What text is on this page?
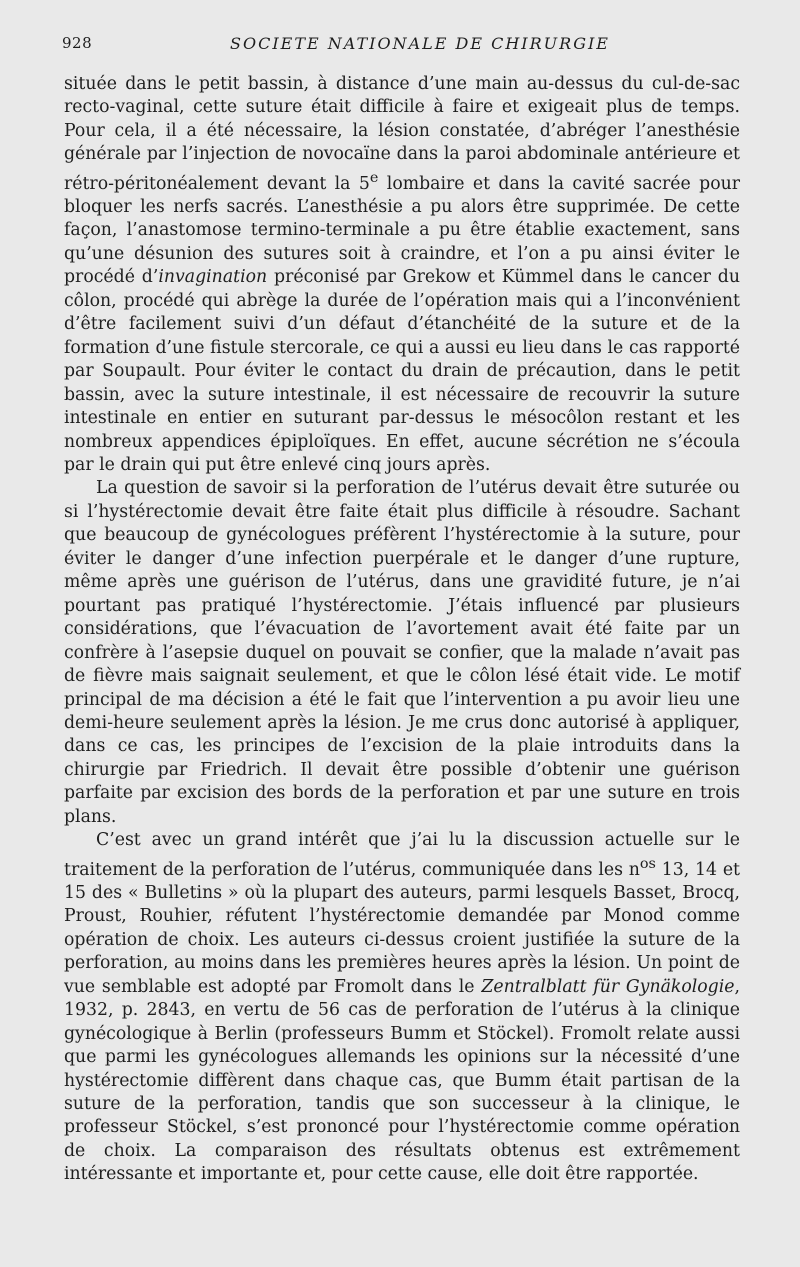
928	SOCIETE NATIONALE DE CHIRURGIE

située dans le petit bassin, à distance d’une main au-dessus du cul-de-sac recto-vaginal, cette suture était difficile à faire et exigeait plus de temps. Pour cela, il a été nécessaire, la lésion constatée, d’abréger l’anesthésie générale par l’injection de novocaïne dans la paroi abdominale antérieure et rétro-péritonéalement devant la 5e lombaire et dans la cavité sacrée pour bloquer les nerfs sacrés. L’anesthésie a pu alors être supprimée. De cette façon, l’anastomose termino-terminale a pu être établie exactement, sans qu’une désunion des sutures soit à craindre, et l’on a pu ainsi éviter le procédé d’invagination préconisé par Grekow et Kümmel dans le cancer du côlon, procédé qui abrège la durée de l’opération mais qui a l’inconvénient d’être facilement suivi d’un défaut d’étanchéité de la suture et de la formation d’une fistule stercorale, ce qui a aussi eu lieu dans le cas rapporté par Soupault. Pour éviter le contact du drain de précaution, dans le petit bassin, avec la suture intestinale, il est nécessaire de recouvrir la suture intestinale en entier en suturant par-dessus le mésocôlon restant et les nombreux appendices épiploïques. En effet, aucune sécrétion ne s’écoula par le drain qui put être enlevé cinq jours après.

La question de savoir si la perforation de l’utérus devait être suturée ou si l’hystérectomie devait être faite était plus difficile à résoudre. Sachant que beaucoup de gynécologues préfèrent l’hystérectomie à la suture, pour éviter le danger d’une infection puerpérale et le danger d’une rupture, même après une guérison de l’utérus, dans une gravidité future, je n’ai pourtant pas pratiqué l’hystérectomie. J’étais influencé par plusieurs considérations, que l’évacuation de l’avortement avait été faite par un confrère à l’asepsie duquel on pouvait se confier, que la malade n’avait pas de fièvre mais saignait seulement, et que le côlon lésé était vide. Le motif principal de ma décision a été le fait que l’intervention a pu avoir lieu une demi-heure seulement après la lésion. Je me crus donc autorisé à appliquer, dans ce cas, les principes de l’excision de la plaie introduits dans la chirurgie par Friedrich. Il devait être possible d’obtenir une guérison parfaite par excision des bords de la perforation et par une suture en trois plans.

C’est avec un grand intérêt que j’ai lu la discussion actuelle sur le traitement de la perforation de l’utérus, communiquée dans les $n^{os}$ 13, 14 et 15 des « Bulletins » où la plupart des auteurs, parmi lesquels Basset, Brocq, Proust, Rouhier, réfutent l’hystérectomie demandée par Monod comme opération de choix. Les auteurs ci-dessus croient justifiée la suture de la perforation, au moins dans les premières heures après la lésion. Un point de vue semblable est adopté par Fromolt dans le Zentralblatt für Gynäkologie, 1932, p. 2843, en vertu de 56 cas de perforation de l’utérus à la clinique gynécologique à Berlin (professeurs Bumm et Stöckel). Fromolt relate aussi que parmi les gynécologues allemands les opinions sur la nécessité d’une hystérectomie diffèrent dans chaque cas, que Bumm était partisan de la suture de la perforation, tandis que son successeur à la clinique, le professeur Stöckel, s’est prononcé pour l’hystérectomie comme opération de choix. La comparaison des résultats obtenus est extrêmement intéressante et importante et, pour cette cause, elle doit être rapportée.
